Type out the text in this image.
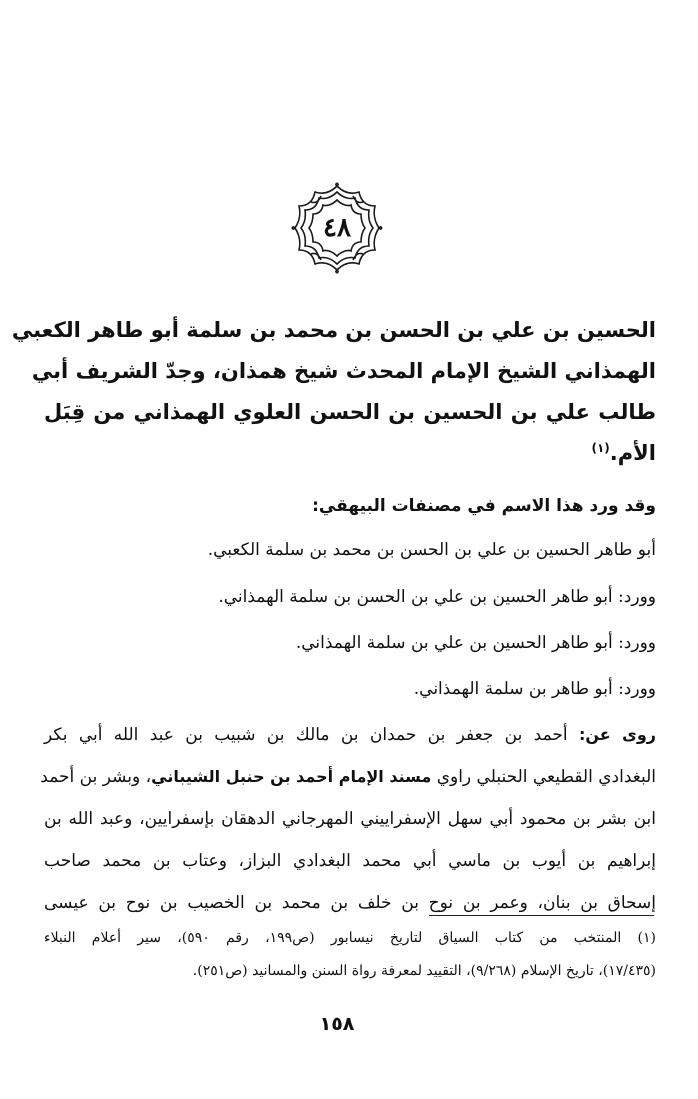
٤٨
الحسين بن علي بن الحسن بن محمد بن سلمة أبو طاهر الكعبي
الهمذاني الشيخ الإمام المحدث شيخ همذان، وجدّ الشريف أبي
طالب علي بن الحسين بن الحسن العلوي الهمذاني من قِبَل
الأم.$^{(١)}$
وقد ورد هذا الاسم في مصنفات البيهقي:
أبو طاهر الحسين بن علي بن الحسن بن محمد بن سلمة الكعبي.
وورد: أبو طاهر الحسين بن علي بن الحسن بن سلمة الهمذاني.
وورد: أبو طاهر الحسين بن علي بن سلمة الهمذاني.
وورد: أبو طاهر بن سلمة الهمذاني.
روى عن: أحمد بن جعفر بن حمدان بن مالك بن شبيب بن عبد الله أبي بكر
البغدادي القطيعي الحنبلي راوي مسند الإمام أحمد بن حنبل الشيباني، وبشر بن أحمد
ابن بشر بن محمود أبي سهل الإسفراييني المهرجاني الدهقان بإسفرايين، وعبد الله بن
إبراهيم بن أيوب بن ماسي أبي محمد البغدادي البزاز، وعتاب بن محمد صاحب
إسحاق بن بنان، وعمر بن نوح بن خلف بن محمد بن الخصيب بن نوح بن عيسى
(١) المنتخب من كتاب السياق لتاريخ نيسابور (ص١٩٩، رقم ٥٩٠)، سير أعلام النبلاء
(١٧/٤٣٥)، تاريخ الإسلام (٩/٢٦٨)، التقييد لمعرفة رواة السنن والمسانيد (ص٢٥١).
١٥٨
